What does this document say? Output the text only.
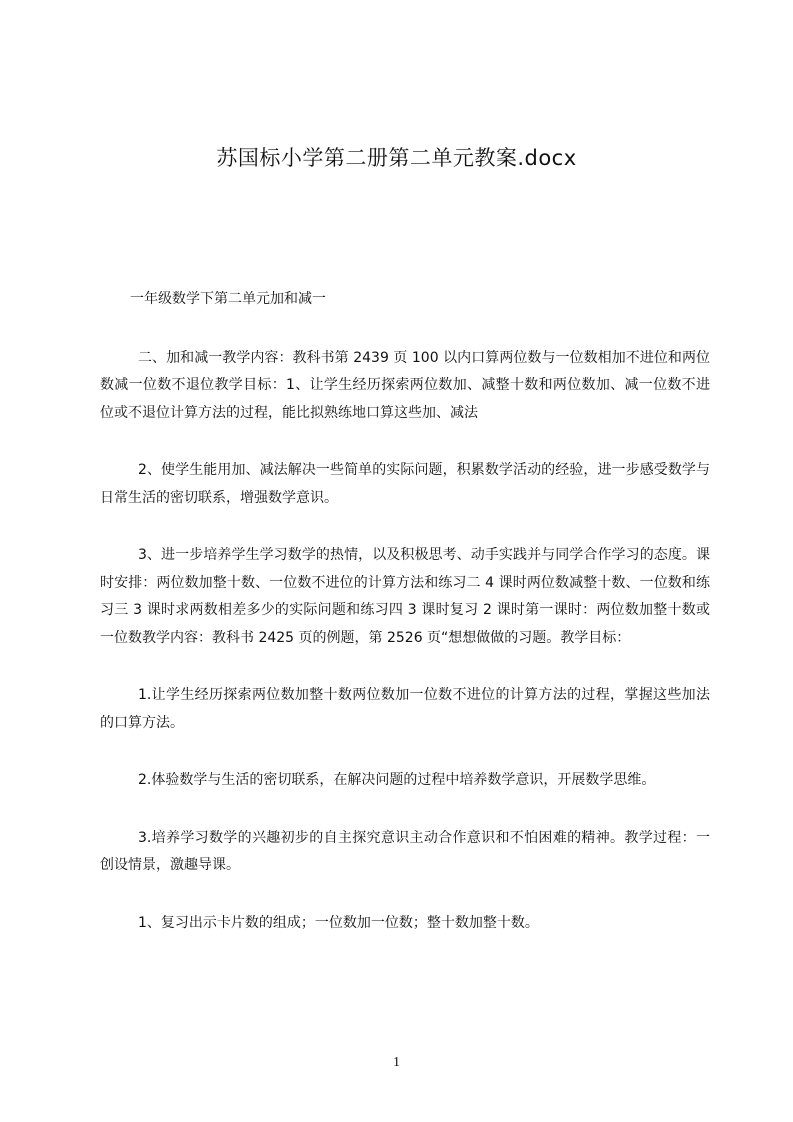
苏国标小学第二册第二单元教案.docx

一年级数学下第二单元加和减一

二、加和减一教学内容：教科书第 2439 页 100 以内口算两位数与一位数相加不进位和两位数减一位数不退位教学目标：1、让学生经历探索两位数加、减整十数和两位数加、减一位数不进位或不退位计算方法的过程，能比拟熟练地口算这些加、减法

2、使学生能用加、减法解决一些简单的实际问题，积累数学活动的经验，进一步感受数学与日常生活的密切联系，增强数学意识。

3、进一步培养学生学习数学的热情，以及积极思考、动手实践并与同学合作学习的态度。课时安排：两位数加整十数、一位数不进位的计算方法和练习二 4 课时两位数减整十数、一位数和练习三 3 课时求两数相差多少的实际问题和练习四 3 课时复习 2 课时第一课时：两位数加整十数或一位数教学内容：教科书 2425 页的例题，第 2526 页“想想做做的习题。教学目标：

1.让学生经历探索两位数加整十数两位数加一位数不进位的计算方法的过程，掌握这些加法的口算方法。

2.体验数学与生活的密切联系，在解决问题的过程中培养数学意识，开展数学思维。

3.培养学习数学的兴趣初步的自主探究意识主动合作意识和不怕困难的精神。教学过程：一创设情景，激趣导课。

1、复习出示卡片数的组成；一位数加一位数；整十数加整十数。

1
